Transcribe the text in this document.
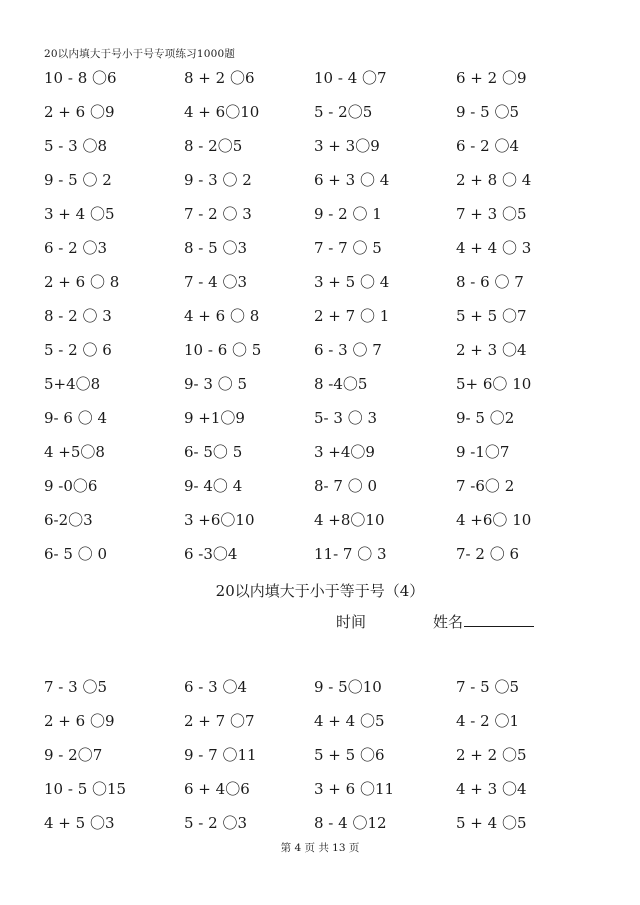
20以内填大于号小于号专项练习1000题
10 - 8 〇6	8 + 2 〇6	10 - 4 〇7	6 + 2 〇9
2 + 6 〇9	4 + 6〇10	5 - 2〇5	9 - 5 〇5
5 - 3 〇8	8 - 2〇5	3 + 3〇9	6 - 2 〇4
9 - 5 〇 2	9 - 3 〇 2	6 + 3 〇 4	2 + 8 〇 4
3 + 4 〇5	7 - 2 〇 3	9 - 2 〇 1	7 + 3 〇5
6 - 2 〇3	8 - 5 〇3	7 - 7 〇 5	4 + 4 〇 3
2 + 6 〇 8	7 - 4 〇3	3 + 5 〇 4	8 - 6 〇 7
8 - 2 〇 3	4 + 6 〇 8	2 + 7 〇 1	5 + 5 〇7
5 - 2 〇 6	10 - 6 〇 5	6 - 3 〇 7	2 + 3 〇4
5+4〇8	9- 3 〇 5	8 -4〇5	5+ 6〇 10
9- 6 〇 4	9 +1〇9	5- 3 〇 3	9- 5 〇2
4 +5〇8	6- 5〇 5	3 +4〇9	9 -1〇7
9 -0〇6	9- 4〇 4	8- 7 〇 0	7 -6〇 2
6-2〇3	3 +6〇10	4 +8〇10	4 +6〇 10
6- 5 〇 0	6 -3〇4	11- 7 〇 3	7- 2 〇 6
20以内填大于小于等于号（4）
时间	姓名
7 - 3 〇5	6 - 3 〇4	9 - 5〇10	7 - 5 〇5
2 + 6 〇9	2 + 7 〇7	4 + 4 〇5	4 - 2 〇1
9 - 2〇7	9 - 7 〇11	5 + 5 〇6	2 + 2 〇5
10 - 5 〇15	6 + 4〇6	3 + 6 〇11	4 + 3 〇4
4 + 5 〇3	5 - 2 〇3	8 - 4 〇12	5 + 4 〇5
第 4 页 共 13 页
